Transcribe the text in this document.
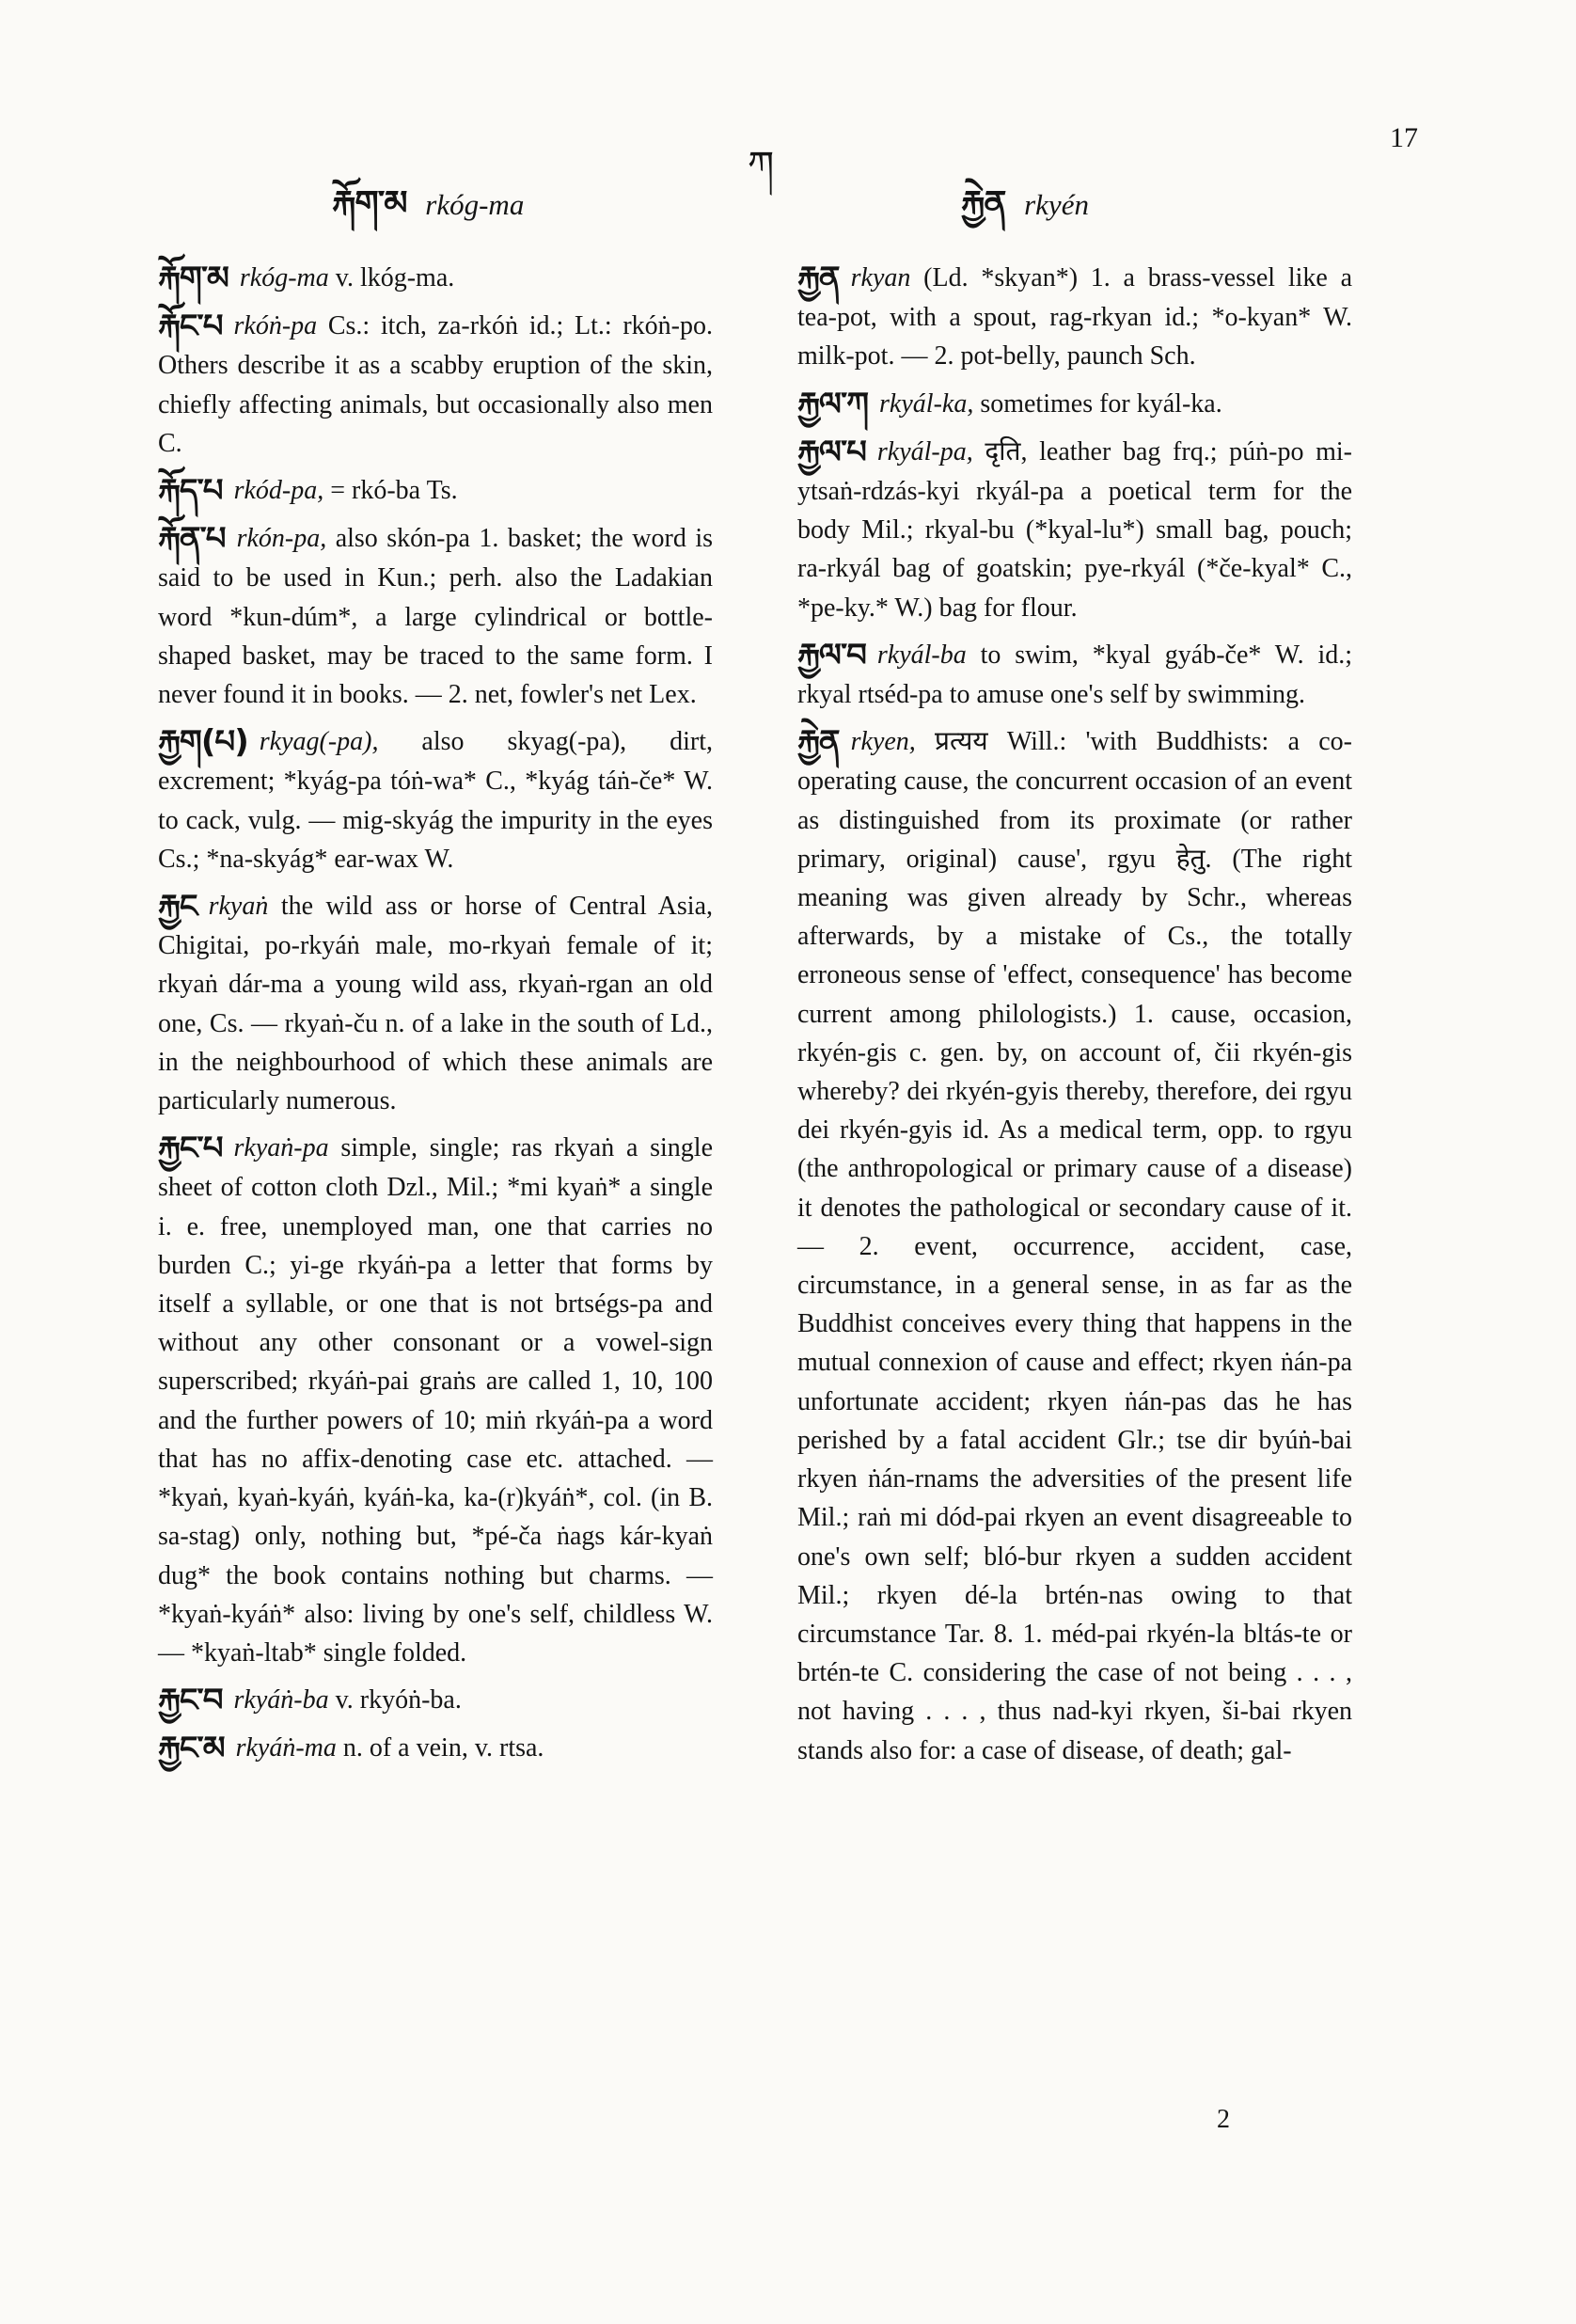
17
རྐོག་མ rkóg-ma
ཀ
རྐྱེན rkyén

རྐོག་མ rkóg-ma v. lkóg-ma.

རྐོང་པ rkóṅ-pa Cs.: itch, za-rkóṅ id.; Lt.: rkóṅ-po. Others describe it as a scabby eruption of the skin, chiefly affecting animals, but occasionally also men C.

རྐོད་པ rkód-pa, = rkó-ba Ts.

རྐོན་པ rkón-pa, also skón-pa 1. basket; the word is said to be used in Kun.; perh. also the Ladakian word *kun-dúm*, a large cylindrical or bottle-shaped basket, may be traced to the same form. I never found it in books. — 2. net, fowler's net Lex.

རྐྱག(པ) rkyag(-pa), also skyag(-pa), dirt, excrement; *kyág-pa tóṅ-wa* C., *kyág táṅ-če* W. to cack, vulg. — mig-skyág the impurity in the eyes Cs.; *na-skyág* ear-wax W.

རྐྱང rkyaṅ the wild ass or horse of Central Asia, Chigitai, po-rkyáṅ male, mo-rkyaṅ female of it; rkyaṅ dár-ma a young wild ass, rkyaṅ-rgan an old one, Cs. — rkyaṅ-ču n. of a lake in the south of Ld., in the neighbourhood of which these animals are particularly numerous.

རྐྱང་པ rkyaṅ-pa simple, single; ras rkyaṅ a single sheet of cotton cloth Dzl., Mil.; *mi kyaṅ* a single i. e. free, unemployed man, one that carries no burden C.; yi-ge rkyáṅ-pa a letter that forms by itself a syllable, or one that is not brtségs-pa and without any other consonant or a vowel-sign superscribed; rkyáṅ-pai graṅs are called 1, 10, 100 and the further powers of 10; miṅ rkyáṅ-pa a word that has no affix-denoting case etc. attached. — *kyaṅ, kyaṅ-kyáṅ, kyáṅ-ka, ka-(r)kyáṅ*, col. (in B. sa-stag) only, nothing but, *pé-ča ṅags kár-kyaṅ dug* the book contains nothing but charms. — *kyaṅ-kyáṅ* also: living by one's self, childless W. — *kyaṅ-ltab* single folded.

རྐྱང་བ rkyáṅ-ba v. rkyóṅ-ba.

རྐྱང་མ rkyáṅ-ma n. of a vein, v. rtsa.

རྐྱན rkyan (Ld. *skyan*) 1. a brass-vessel like a tea-pot, with a spout, rag-rkyan id.; *o-kyan* W. milk-pot. — 2. pot-belly, paunch Sch.

རྐྱལ་ཀ rkyál-ka, sometimes for kyál-ka.

རྐྱལ་པ rkyál-pa, दृति, leather bag frq.; púṅ-po mi-ytsaṅ-rdzás-kyi rkyál-pa a poetical term for the body Mil.; rkyal-bu (*kyal-lu*) small bag, pouch; ra-rkyál bag of goatskin; pye-rkyál (*če-kyal* C., *pe-ky.* W.) bag for flour.

རྐྱལ་བ rkyál-ba to swim, *kyal gyáb-če* W. id.; rkyal rtséd-pa to amuse one's self by swimming.

རྐྱེན rkyen, प्रत्यय Will.: 'with Buddhists: a co-operating cause, the concurrent occasion of an event as distinguished from its proximate (or rather primary, original) cause', rgyu हेतु. (The right meaning was given already by Schr., whereas afterwards, by a mistake of Cs., the totally erroneous sense of 'effect, consequence' has become current among philologists.) 1. cause, occasion, rkyén-gis c. gen. by, on account of, čii rkyén-gis whereby? dei rkyén-gyis thereby, therefore, dei rgyu dei rkyén-gyis id. As a medical term, opp. to rgyu (the anthropological or primary cause of a disease) it denotes the pathological or secondary cause of it. — 2. event, occurrence, accident, case, circumstance, in a general sense, in as far as the Buddhist conceives every thing that happens in the mutual connexion of cause and effect; rkyen ṅán-pa unfortunate accident; rkyen ṅán-pas das he has perished by a fatal accident Glr.; tse dir byúṅ-bai rkyen ṅán-rnams the adversities of the present life Mil.; raṅ mi dód-pai rkyen an event disagreeable to one's own self; bló-bur rkyen a sudden accident Mil.; rkyen dé-la brtén-nas owing to that circumstance Tar. 8. 1. méd-pai rkyén-la bltás-te or brtén-te C. considering the case of not being . . . , not having . . . , thus nad-kyi rkyen, ši-bai rkyen stands also for: a case of disease, of death; gal-

2
